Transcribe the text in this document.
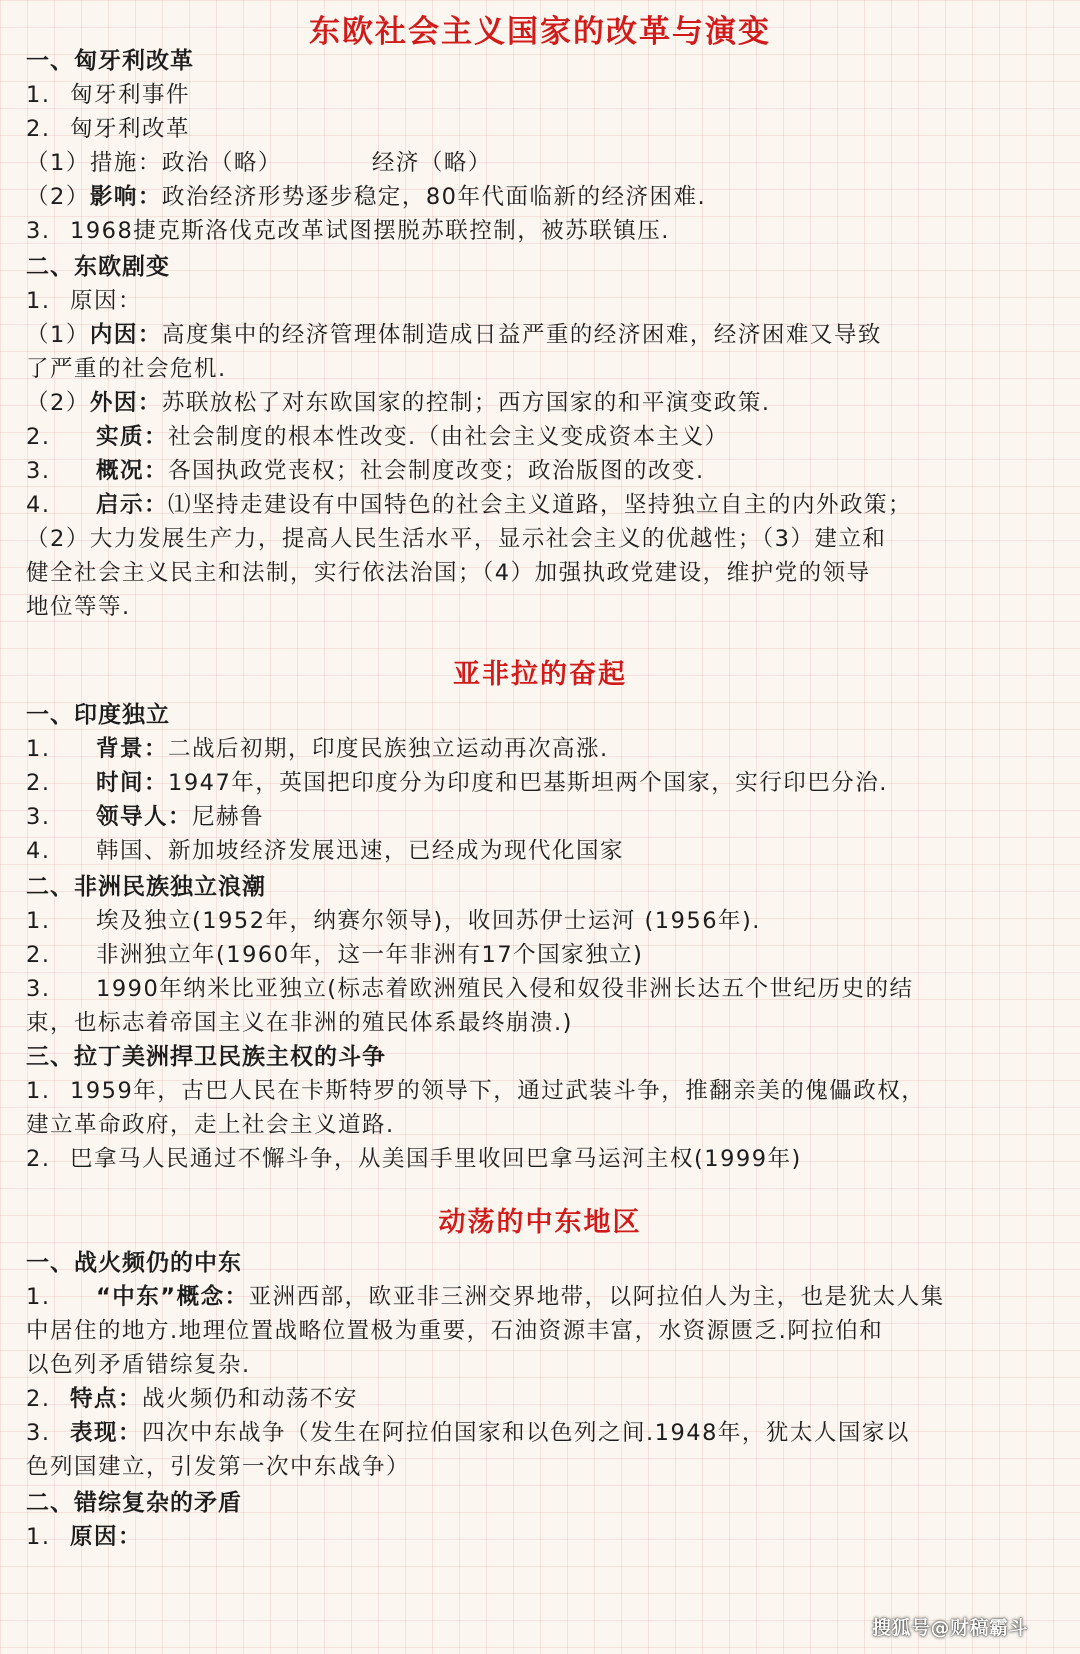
东欧社会主义国家的改革与演变
一、匈牙利改革
1. 匈牙利事件
2. 匈牙利改革
（1）措施：政治（略）	经济（略）
（2）影响：政治经济形势逐步稳定，80年代面临新的经济困难.
3. 1968捷克斯洛伐克改革试图摆脱苏联控制，被苏联镇压.
二、东欧剧变
1. 原因：
（1）内因：高度集中的经济管理体制造成日益严重的经济困难，经济困难又导致
了严重的社会危机.
（2）外因：苏联放松了对东欧国家的控制；西方国家的和平演变政策.
2. 实质：社会制度的根本性改变.（由社会主义变成资本主义）
3. 概况：各国执政党丧权；社会制度改变；政治版图的改变.
4. 启示：⑴坚持走建设有中国特色的社会主义道路，坚持独立自主的内外政策；
（2）大力发展生产力，提高人民生活水平，显示社会主义的优越性；（3）建立和
健全社会主义民主和法制，实行依法治国；（4）加强执政党建设，维护党的领导
地位等等.
亚非拉的奋起
一、印度独立
1. 背景：二战后初期，印度民族独立运动再次高涨.
2. 时间：1947年，英国把印度分为印度和巴基斯坦两个国家，实行印巴分治.
3. 领导人：尼赫鲁
4. 韩国、新加坡经济发展迅速，已经成为现代化国家
二、非洲民族独立浪潮
1. 埃及独立(1952年，纳赛尔领导)，收回苏伊士运河 (1956年).
2. 非洲独立年(1960年，这一年非洲有17个国家独立)
3. 1990年纳米比亚独立(标志着欧洲殖民入侵和奴役非洲长达五个世纪历史的结
束，也标志着帝国主义在非洲的殖民体系最终崩溃.)
三、拉丁美洲捍卫民族主权的斗争
1. 1959年，古巴人民在卡斯特罗的领导下，通过武装斗争，推翻亲美的傀儡政权，
建立革命政府，走上社会主义道路.
2. 巴拿马人民通过不懈斗争，从美国手里收回巴拿马运河主权(1999年)
动荡的中东地区
一、战火频仍的中东
1. “中东”概念：亚洲西部，欧亚非三洲交界地带，以阿拉伯人为主，也是犹太人集
中居住的地方.地理位置战略位置极为重要，石油资源丰富，水资源匮乏.阿拉伯和
以色列矛盾错综复杂.
2. 特点：战火频仍和动荡不安
3. 表现：四次中东战争（发生在阿拉伯国家和以色列之间.1948年，犹太人国家以
色列国建立，引发第一次中东战争）
二、错综复杂的矛盾
1. 原因：
搜狐号@财稿霸斗
